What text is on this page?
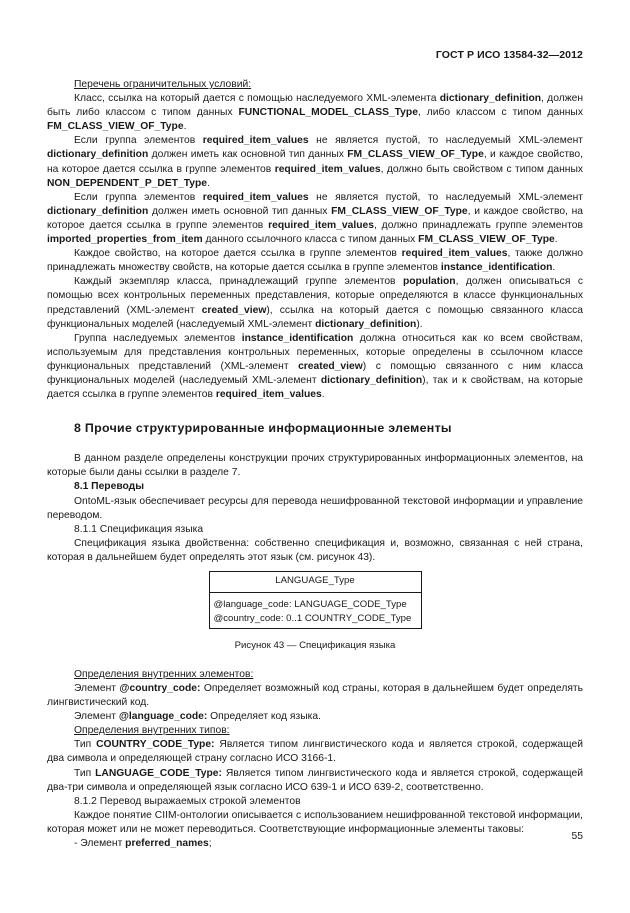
ГОСТ Р ИСО 13584-32—2012

Перечень ограничительных условий:

Класс, ссылка на который дается с помощью наследуемого XML-элемента dictionary_definition, должен быть либо классом с типом данных FUNCTIONAL_MODEL_CLASS_Type, либо классом с типом данных FM_CLASS_VIEW_OF_Type.

Если группа элементов required_item_values не является пустой, то наследуемый XML-элемент dictionary_definition должен иметь как основной тип данных FM_CLASS_VIEW_OF_Type, и каждое свойство, на которое дается ссылка в группе элементов required_item_values, должно быть свойством с типом данных NON_DEPENDENT_P_DET_Type.

Если группа элементов required_item_values не является пустой, то наследуемый XML-элемент dictionary_definition должен иметь основной тип данных FM_CLASS_VIEW_OF_Type, и каждое свойство, на которое дается ссылка в группе элементов required_item_values, должно принадлежать группе элементов imported_properties_from_item данного ссылочного класса с типом данных FM_CLASS_VIEW_OF_Type.

Каждое свойство, на которое дается ссылка в группе элементов required_item_values, также должно принадлежать множеству свойств, на которые дается ссылка в группе элементов instance_identification.

Каждый экземпляр класса, принадлежащий группе элементов population, должен описываться с помощью всех контрольных переменных представления, которые определяются в классе функциональных представлений (XML-элемент created_view), ссылка на который дается с помощью связанного класса функциональных моделей (наследуемый XML-элемент dictionary_definition).

Группа наследуемых элементов instance_identification должна относиться как ко всем свойствам, используемым для представления контрольных переменных, которые определены в ссылочном классе функциональных представлений (XML-элемент created_view) с помощью связанного с ним класса функциональных моделей (наследуемый XML-элемент dictionary_definition), так и к свойствам, на которые дается ссылка в группе элементов required_item_values.

8 Прочие структурированные информационные элементы

В данном разделе определены конструкции прочих структурированных информационных элементов, на которые были даны ссылки в разделе 7.

8.1 Переводы

OntoML-язык обеспечивает ресурсы для перевода нешифрованной текстовой информации и управление переводом.

8.1.1 Спецификация языка

Спецификация языка двойственна: собственно спецификация и, возможно, связанная с ней страна, которая в дальнейшем будет определять этот язык (см. рисунок 43).

LANGUAGE_Type
@language_code: LANGUAGE_CODE_Type
@country_code: 0..1 COUNTRY_CODE_Type
Рисунок 43 — Спецификация языка

Определения внутренних элементов:

Элемент @country_code: Определяет возможный код страны, которая в дальнейшем будет определять лингвистический код.

Элемент @language_code: Определяет код языка.

Определения внутренних типов:

Тип COUNTRY_CODE_Type: Является типом лингвистического кода и является строкой, содержащей два символа и определяющей страну согласно ИСО 3166-1.

Тип LANGUAGE_CODE_Type: Является типом лингвистического кода и является строкой, содержащей два-три символа и определяющей язык согласно ИСО 639-1 и ИСО 639-2, соответственно.

8.1.2 Перевод выражаемых строкой элементов

Каждое понятие CIIM-онтологии описывается с использованием нешифрованной текстовой информации, которая может или не может переводиться. Соответствующие информационные элементы таковы:

- Элемент preferred_names;

55
